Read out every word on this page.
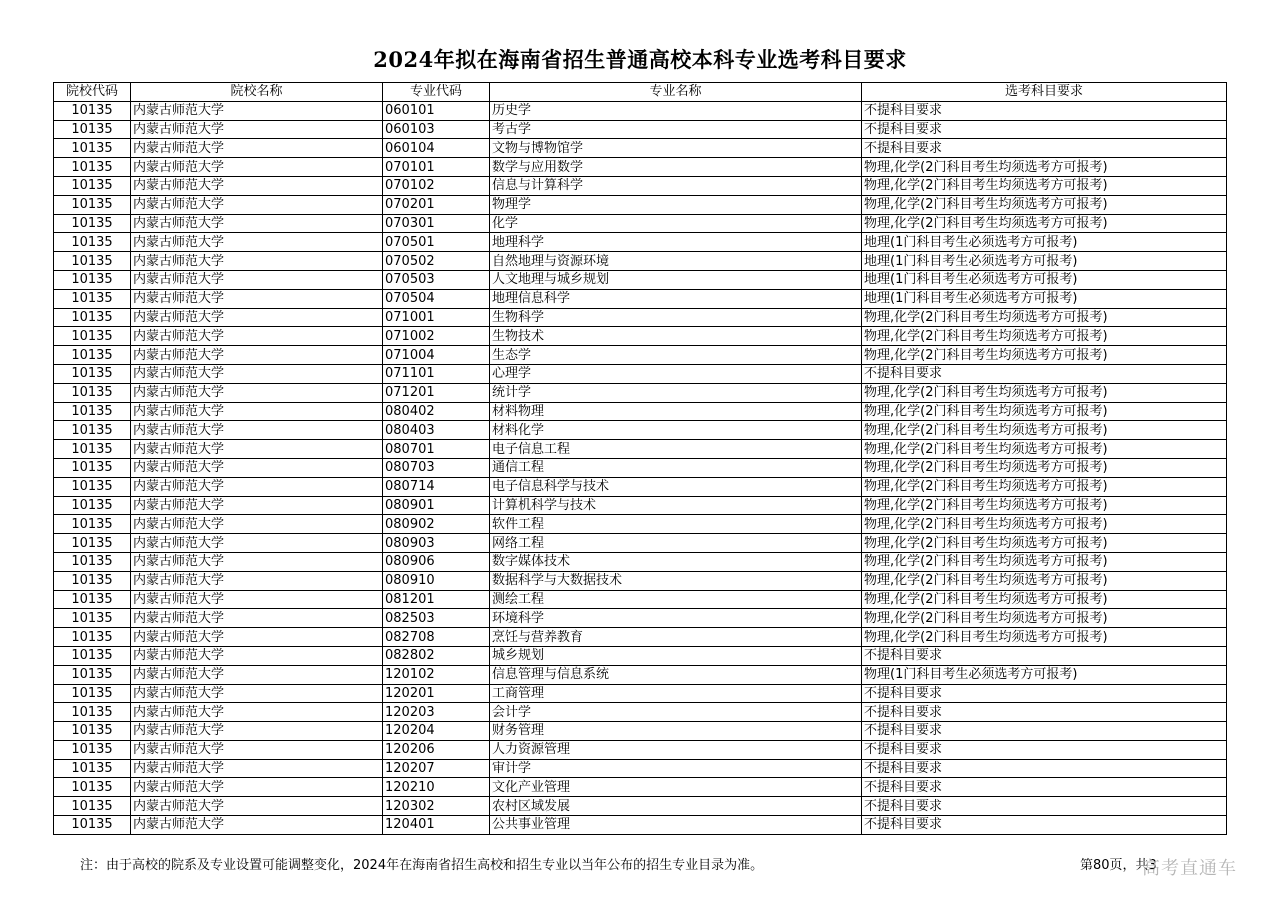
2024年拟在海南省招生普通高校本科专业选考科目要求
院校代码	院校名称	专业代码	专业名称	选考科目要求
10135	内蒙古师范大学	060101	历史学	不提科目要求
10135	内蒙古师范大学	060103	考古学	不提科目要求
10135	内蒙古师范大学	060104	文物与博物馆学	不提科目要求
10135	内蒙古师范大学	070101	数学与应用数学	物理,化学(2门科目考生均须选考方可报考)
10135	内蒙古师范大学	070102	信息与计算科学	物理,化学(2门科目考生均须选考方可报考)
10135	内蒙古师范大学	070201	物理学	物理,化学(2门科目考生均须选考方可报考)
10135	内蒙古师范大学	070301	化学	物理,化学(2门科目考生均须选考方可报考)
10135	内蒙古师范大学	070501	地理科学	地理(1门科目考生必须选考方可报考)
10135	内蒙古师范大学	070502	自然地理与资源环境	地理(1门科目考生必须选考方可报考)
10135	内蒙古师范大学	070503	人文地理与城乡规划	地理(1门科目考生必须选考方可报考)
10135	内蒙古师范大学	070504	地理信息科学	地理(1门科目考生必须选考方可报考)
10135	内蒙古师范大学	071001	生物科学	物理,化学(2门科目考生均须选考方可报考)
10135	内蒙古师范大学	071002	生物技术	物理,化学(2门科目考生均须选考方可报考)
10135	内蒙古师范大学	071004	生态学	物理,化学(2门科目考生均须选考方可报考)
10135	内蒙古师范大学	071101	心理学	不提科目要求
10135	内蒙古师范大学	071201	统计学	物理,化学(2门科目考生均须选考方可报考)
10135	内蒙古师范大学	080402	材料物理	物理,化学(2门科目考生均须选考方可报考)
10135	内蒙古师范大学	080403	材料化学	物理,化学(2门科目考生均须选考方可报考)
10135	内蒙古师范大学	080701	电子信息工程	物理,化学(2门科目考生均须选考方可报考)
10135	内蒙古师范大学	080703	通信工程	物理,化学(2门科目考生均须选考方可报考)
10135	内蒙古师范大学	080714	电子信息科学与技术	物理,化学(2门科目考生均须选考方可报考)
10135	内蒙古师范大学	080901	计算机科学与技术	物理,化学(2门科目考生均须选考方可报考)
10135	内蒙古师范大学	080902	软件工程	物理,化学(2门科目考生均须选考方可报考)
10135	内蒙古师范大学	080903	网络工程	物理,化学(2门科目考生均须选考方可报考)
10135	内蒙古师范大学	080906	数字媒体技术	物理,化学(2门科目考生均须选考方可报考)
10135	内蒙古师范大学	080910	数据科学与大数据技术	物理,化学(2门科目考生均须选考方可报考)
10135	内蒙古师范大学	081201	测绘工程	物理,化学(2门科目考生均须选考方可报考)
10135	内蒙古师范大学	082503	环境科学	物理,化学(2门科目考生均须选考方可报考)
10135	内蒙古师范大学	082708	烹饪与营养教育	物理,化学(2门科目考生均须选考方可报考)
10135	内蒙古师范大学	082802	城乡规划	不提科目要求
10135	内蒙古师范大学	120102	信息管理与信息系统	物理(1门科目考生必须选考方可报考)
10135	内蒙古师范大学	120201	工商管理	不提科目要求
10135	内蒙古师范大学	120203	会计学	不提科目要求
10135	内蒙古师范大学	120204	财务管理	不提科目要求
10135	内蒙古师范大学	120206	人力资源管理	不提科目要求
10135	内蒙古师范大学	120207	审计学	不提科目要求
10135	内蒙古师范大学	120210	文化产业管理	不提科目要求
10135	内蒙古师范大学	120302	农村区域发展	不提科目要求
10135	内蒙古师范大学	120401	公共事业管理	不提科目要求
注：由于高校的院系及专业设置可能调整变化，2024年在海南省招生高校和招生专业以当年公布的招生专业目录为准。	第80页，共3
高考直通车
